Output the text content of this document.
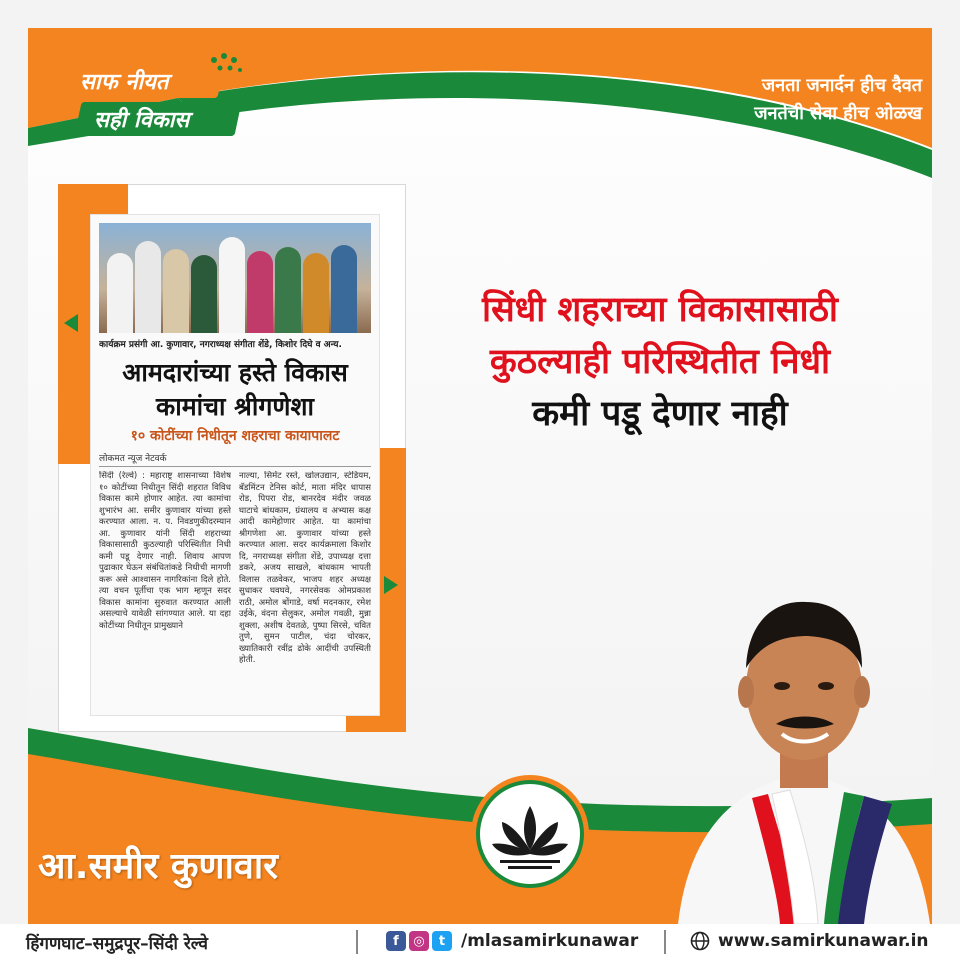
साफ नीयत
सही विकास
जनता जनार्दन हीच दैवत
जनतेची सेवा हीच ओळख
कार्यक्रम प्रसंगी आ. कुणावार, नगराध्यक्ष संगीता शेंडे, किशोर दिघे व अन्य.
आमदारांच्या हस्ते विकास
कामांचा श्रीगणेशा
१० कोटींच्या निधीतून शहराचा कायापालट
लोकमत न्यूज नेटवर्क
सिंदी (रेल्वे) : महाराष्ट्र शासनाच्या विशेष १० कोटींच्या निधीतून सिंदी शहरात विविध विकास कामे होणार आहेत. त्या कामांचा शुभारंभ आ. समीर कुणावार यांच्या हस्ते करण्यात आला. न. प. निवडणुकीदरम्यान आ. कुणावार यांनी सिंदी शहराच्या विकासासाठी कुठल्याही परिस्थितीत निधी कमी पडू देणार नाही. शिवाय आपण पुढाकार घेऊन संबंधितांकडे निधीची मागणी करू असे आश्वासन नागरिकांना दिले होते. त्या वचन पूर्तीचा एक भाग म्हणून सदर विकास कामांना सुरुवात करण्यात आली असल्याचे यावेळी सांगण्यात आले. या दहा कोटींच्या निधीतून प्रामुख्याने
नाल्या, सिमेंट रस्ते, खोलउद्यान, स्टेडियम, बॅडमिंटन टेनिस कोर्ट, माता मंदिर धापास रोड, पिपरा रोड, बानरदेव मंदीर जवळ घाटाचे बांधकाम, ग्रंथालय व अभ्यास कक्ष आदी कामेहोणार आहेत. या कामांचा श्रीगणेशा आ. कुणावार यांच्या हस्ते करण्यात आला. सदर कार्यक्रमाला किशोर दि, नगराध्यक्ष संगीता शेंडे, उपाध्यक्ष दत्ता डकरे, अजय साखले, बांधकाम भापती विलास तळवेकर, भाजप शहर अध्यक्ष सुधाकर घवघवे, नगरसेवक ओमप्रकाश राठी, अमोल बोंगाडे, वर्षा मदनकार, रमेश उईके, वंदना सेलुकर, अमोल गवळी, मुन्ना शुक्ला, अशीष देवतळे, पुष्पा सिरसे, चवित तुणे, सुमन पाटील, चंदा चोरकर, ख्यातिकारी रवींद्र ढोके आदींची उपस्थिती होती.
सिंधी शहराच्या विकासासाठी
कुठल्याही परिस्थितीत निधी
कमी पडू देणार नाही
आ.समीर कुणावार
हिंगणघाट–समुद्रपूर–सिंदी रेल्वे	f	◎	t /mlasamirkunawar	www.samirkunawar.in
